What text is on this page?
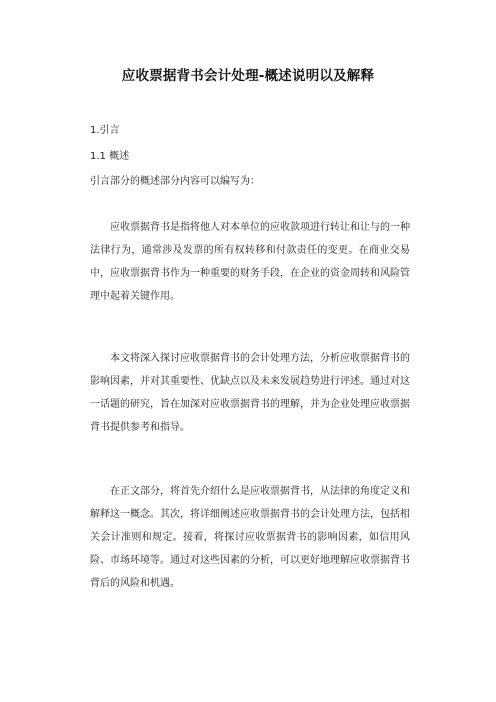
应收票据背书会计处理-概述说明以及解释
1.引言
1.1 概述
引言部分的概述部分内容可以编写为：

应收票据背书是指将他人对本单位的应收款项进行转让和让与的一种法律行为，通常涉及发票的所有权转移和付款责任的变更。在商业交易中，应收票据背书作为一种重要的财务手段，在企业的资金周转和风险管理中起着关键作用。

本文将深入探讨应收票据背书的会计处理方法，分析应收票据背书的影响因素，并对其重要性、优缺点以及未来发展趋势进行评述。通过对这一话题的研究，旨在加深对应收票据背书的理解，并为企业处理应收票据背书提供参考和指导。

在正文部分，将首先介绍什么是应收票据背书，从法律的角度定义和解释这一概念。其次，将详细阐述应收票据背书的会计处理方法，包括相关会计准则和规定。接着，将探讨应收票据背书的影响因素，如信用风险、市场环境等。通过对这些因素的分析，可以更好地理解应收票据背书背后的风险和机遇。
